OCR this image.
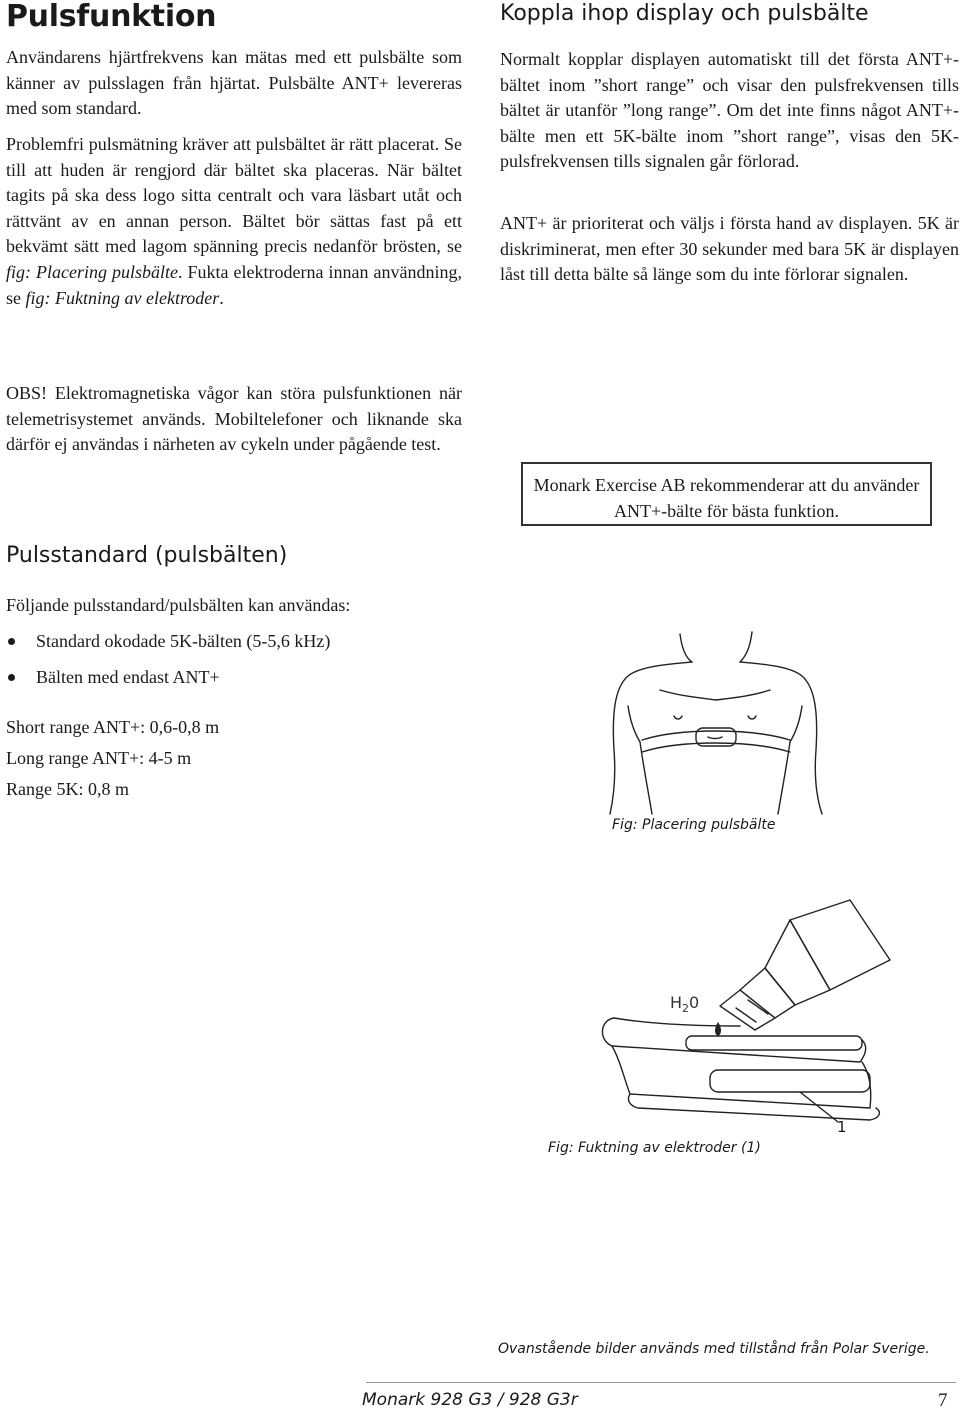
Pulsfunktion

Användarens hjärtfrekvens kan mätas med ett pulsbälte som känner av pulsslagen från hjärtat. Pulsbälte ANT+ levereras med som standard.

Problemfri pulsmätning kräver att pulsbältet är rätt placerat. Se till att huden är rengjord där bältet ska placeras. När bältet tagits på ska dess logo sitta centralt och vara läsbart utåt och rättvänt av en annan person. Bältet bör sättas fast på ett bekvämt sätt med lagom spänning precis nedanför brösten, se fig: Placering pulsbälte. Fukta elektroderna innan användning, se fig: Fuktning av elektroder.

OBS! Elektromagnetiska vågor kan störa pulsfunktionen när telemetrisystemet används. Mobiltelefoner och liknande ska därför ej användas i närheten av cykeln under pågående test.

Pulsstandard (pulsbälten)

Följande pulsstandard/pulsbälten kan användas:

Standard okodade 5K-bälten (5-5,6 kHz)
Bälten med endast ANT+
Short range ANT+: 0,6-0,8 m
Long range ANT+: 4-5 m
Range 5K: 0,8 m
Koppla ihop display och pulsbälte

Normalt kopplar displayen automatiskt till det första ANT+-bältet inom ”short range” och visar den pulsfrekvensen tills bältet är utanför ”long range”. Om det inte finns något ANT+-bälte men ett 5K-bälte inom ”short range”, visas den 5K-pulsfrekvensen tills signalen går förlorad.

ANT+ är prioriterat och väljs i första hand av displayen. 5K är diskriminerat, men efter 30 sekunder med bara 5K är displayen låst till detta bälte så länge som du inte förlorar signalen.

Monark Exercise AB rekommenderar att du använder ANT+-bälte för bästa funktion.
Fig: Placering pulsbälte
$H_20$
1
Fig: Fuktning av elektroder (1)
Ovanstående bilder används med tillstånd från Polar Sverige.
Monark 928 G3 / 928 G3r	7
